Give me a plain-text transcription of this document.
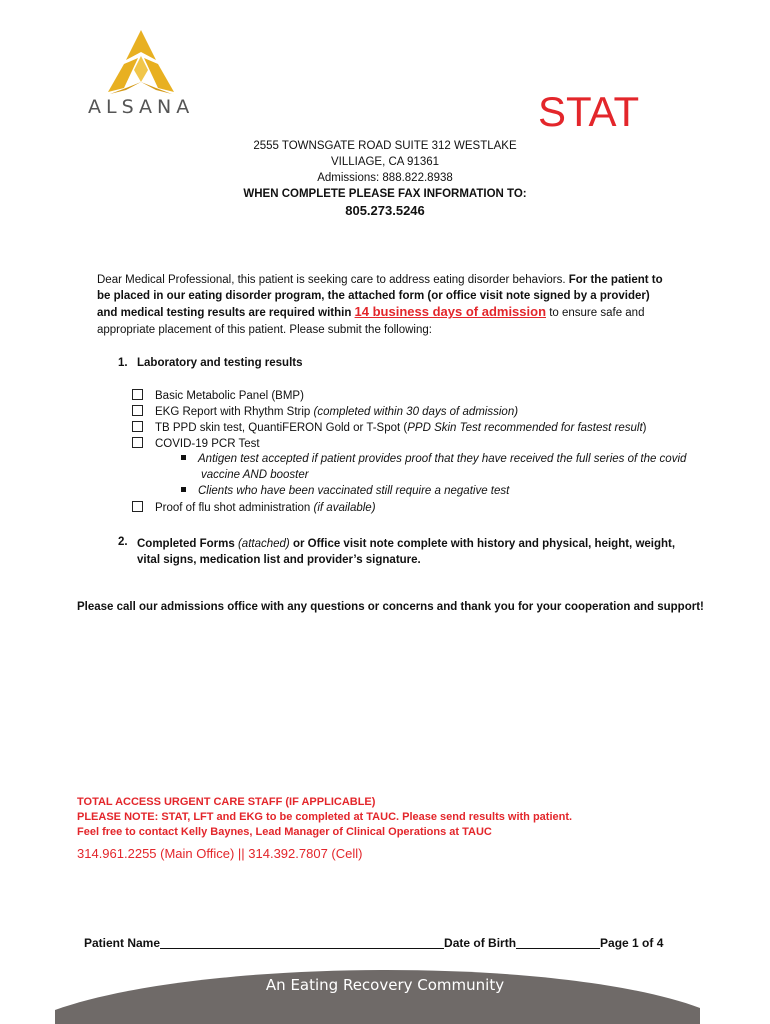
ALSANA	STAT
2555 TOWNSGATE ROAD SUITE 312 WESTLAKE
VILLIAGE, CA 91361
Admissions: 888.822.8938
WHEN COMPLETE PLEASE FAX INFORMATION TO:
805.273.5246
Dear Medical Professional, this patient is seeking care to address eating disorder behaviors. For the patient to be placed in our eating disorder program, the attached form (or office visit note signed by a provider) and medical testing results are required within 14 business days of admission to ensure safe and appropriate placement of this patient. Please submit the following:
1. Laboratory and testing results
Basic Metabolic Panel (BMP)
EKG Report with Rhythm Strip (completed within 30 days of admission)
TB PPD skin test, QuantiFERON Gold or T-Spot (PPD Skin Test recommended for fastest result)
COVID-19 PCR Test
Antigen test accepted if patient provides proof that they have received the full series of the covid
vaccine AND booster
Clients who have been vaccinated still require a negative test
Proof of flu shot administration (if available)
2. Completed Forms (attached) or Office visit note complete with history and physical, height, weight, vital signs, medication list and provider’s signature.
Please call our admissions office with any questions or concerns and thank you for your cooperation and support!
TOTAL ACCESS URGENT CARE STAFF (IF APPLICABLE)
PLEASE NOTE: STAT, LFT and EKG to be completed at TAUC. Please send results with patient.
Feel free to contact Kelly Baynes, Lead Manager of Clinical Operations at TAUC
314.961.2255 (Main Office) || 314.392.7807 (Cell)
Patient Name	Date of Birth	Page 1 of 4
An Eating Recovery Community
